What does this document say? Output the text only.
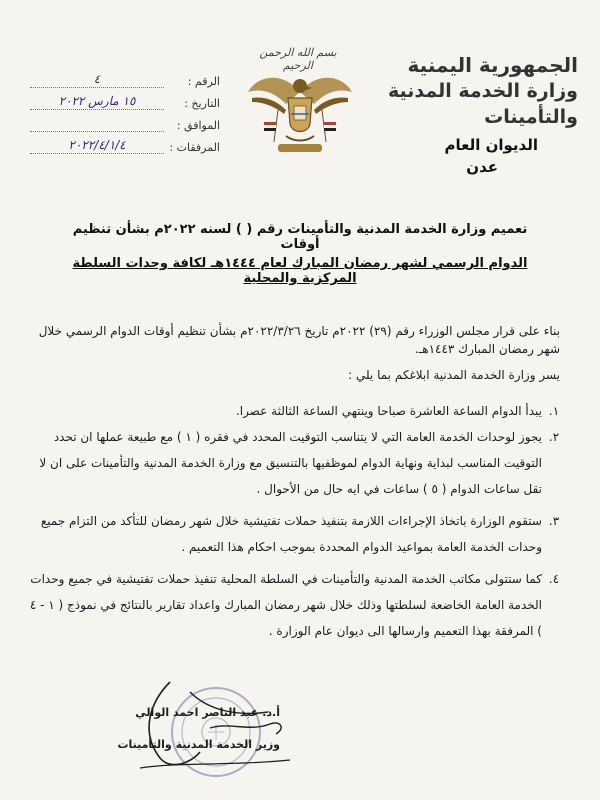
الجمهورية اليمنية
وزارة الخدمة المدنية والتأمينات
الديوان العام
عدن
بسم الله الرحمن الرحيم
الرقم :
٤
التاريخ :
١٥ مارس ٢٠٢٢
الموافق :
المرفقات :
٢٠٢٢/٤/١/٤
تعميم وزارة الخدمة المدنية والتأمينات رقم ( ) لسنه ٢٠٢٢م بشأن تنظيم أوقات
الدوام الرسمي لشهر رمضان المبارك لعام ١٤٤٤هـ لكافة وحدات السلطة المركزية والمحلية
بناء على قرار مجلس الوزراء رقم (٢٩) ٢٠٢٢م تاريخ ٢٠٢٢/٣/٢٦م بشأن تنظيم أوقات الدوام الرسمي خلال شهر رمضان المبارك ١٤٤٣هـ.
يسر وزارة الخدمة المدنية ابلاغكم بما يلي :
١.
يبدأ الدوام الساعة العاشرة صباحا وينتهي الساعة الثالثة عصرا.
٢.
يجوز لوحدات الخدمة العامة التي لا يتناسب التوقيت المحدد في فقره ( ١ ) مع طبيعة عملها ان تحدد التوقيت المناسب لبداية ونهاية الدوام لموظفيها بالتنسيق مع وزارة الخدمة المدنية والتأمينات على ان لا تقل ساعات الدوام ( ٥ ) ساعات في ايه حال من الأحوال .
٣.
ستقوم الوزارة باتخاذ الإجراءات اللازمة بتنفيذ حملات تفتيشية خلال شهر رمضان للتأكد من التزام جميع وحدات الخدمة العامة بمواعيد الدوام المحددة بموجب احكام هذا التعميم .
٤.
كما ستتولى مكاتب الخدمة المدنية والتأمينات في السلطة المحلية تنفيذ حملات تفتيشية في جميع وحدات الخدمة العامة الخاضعة لسلطتها وذلك خلال شهر رمضان المبارك واعداد تقارير بالنتائج في نموذج ( ١ - ٤ ) المرفقة بهذا التعميم وارسالها الى ديوان عام الوزارة .
أ.د. عبد الناصر احمد الوالي
وزير الخدمة المدنية والتأمينات
